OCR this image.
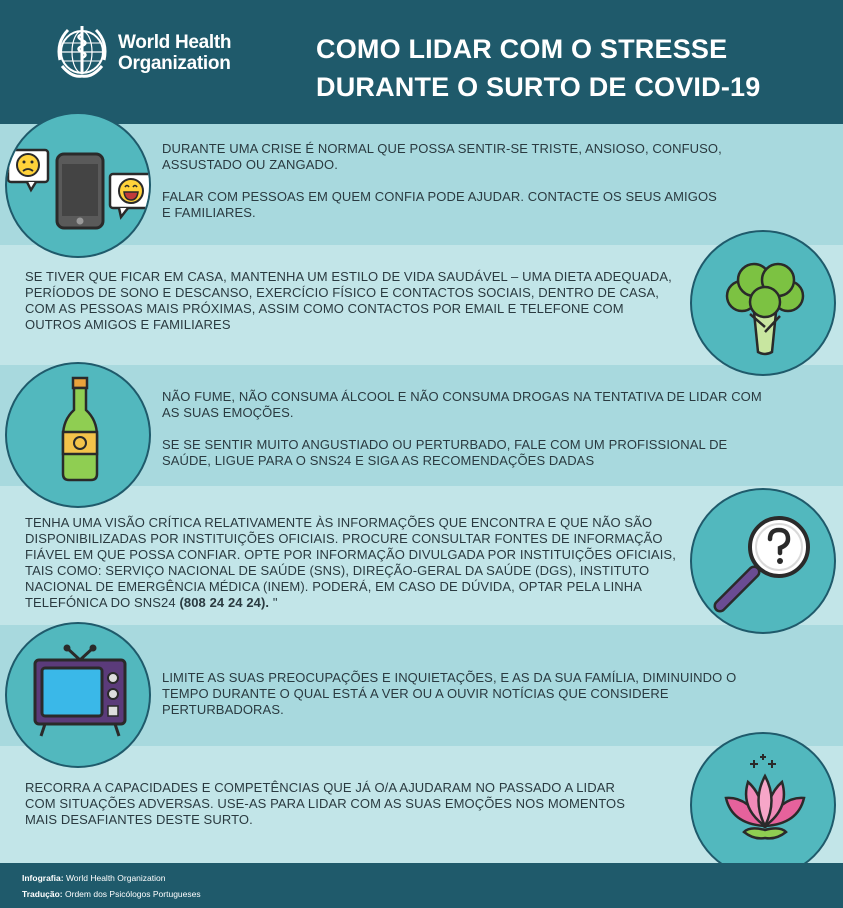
World Health
Organization	COMO LIDAR COM O STRESSE
DURANTE O SURTO DE COVID-19

DURANTE UMA CRISE É NORMAL QUE POSSA SENTIR-SE TRISTE, ANSIOSO, CONFUSO, ASSUSTADO OU ZANGADO.

FALAR COM PESSOAS EM QUEM CONFIA PODE AJUDAR. CONTACTE OS SEUS AMIGOS E FAMILIARES.

SE TIVER QUE FICAR EM CASA, MANTENHA UM ESTILO DE VIDA SAUDÁVEL – UMA DIETA ADEQUADA, PERÍODOS DE SONO E DESCANSO, EXERCÍCIO FÍSICO E CONTACTOS SOCIAIS, DENTRO DE CASA, COM AS PESSOAS MAIS PRÓXIMAS, ASSIM COMO CONTACTOS POR EMAIL E TELEFONE COM OUTROS AMIGOS E FAMILIARES

NÃO FUME, NÃO CONSUMA ÁLCOOL E NÃO CONSUMA DROGAS NA TENTATIVA DE LIDAR COM AS SUAS EMOÇÕES.

SE SE SENTIR MUITO ANGUSTIADO OU PERTURBADO, FALE COM UM PROFISSIONAL DE SAÚDE, LIGUE PARA O SNS24 E SIGA AS RECOMENDAÇÕES DADAS

TENHA UMA VISÃO CRÍTICA RELATIVAMENTE ÀS INFORMAÇÕES QUE ENCONTRA E QUE NÃO SÃO DISPONIBILIZADAS POR INSTITUIÇÕES OFICIAIS. PROCURE CONSULTAR FONTES DE INFORMAÇÃO FIÁVEL EM QUE POSSA CONFIAR. OPTE POR INFORMAÇÃO DIVULGADA POR INSTITUIÇÕES OFICIAIS, TAIS COMO: SERVIÇO NACIONAL DE SAÚDE (SNS), DIREÇÃO-GERAL DA SAÚDE (DGS), INSTITUTO NACIONAL DE EMERGÊNCIA MÉDICA (INEM). PODERÁ, EM CASO DE DÚVIDA, OPTAR PELA LINHA TELEFÓNICA DO SNS24 (808 24 24 24). "

LIMITE AS SUAS PREOCUPAÇÕES E INQUIETAÇÕES, E AS DA SUA FAMÍLIA, DIMINUINDO O TEMPO DURANTE O QUAL ESTÁ A VER OU A OUVIR NOTÍCIAS QUE CONSIDERE PERTURBADORAS.

RECORRA A CAPACIDADES E COMPETÊNCIAS QUE JÁ O/A AJUDARAM NO PASSADO A LIDAR COM SITUAÇÕES ADVERSAS. USE-AS PARA LIDAR COM AS SUAS EMOÇÕES NOS MOMENTOS MAIS DESAFIANTES DESTE SURTO.

Infografia: World Health Organization
Tradução: Ordem dos Psicólogos Portugueses
